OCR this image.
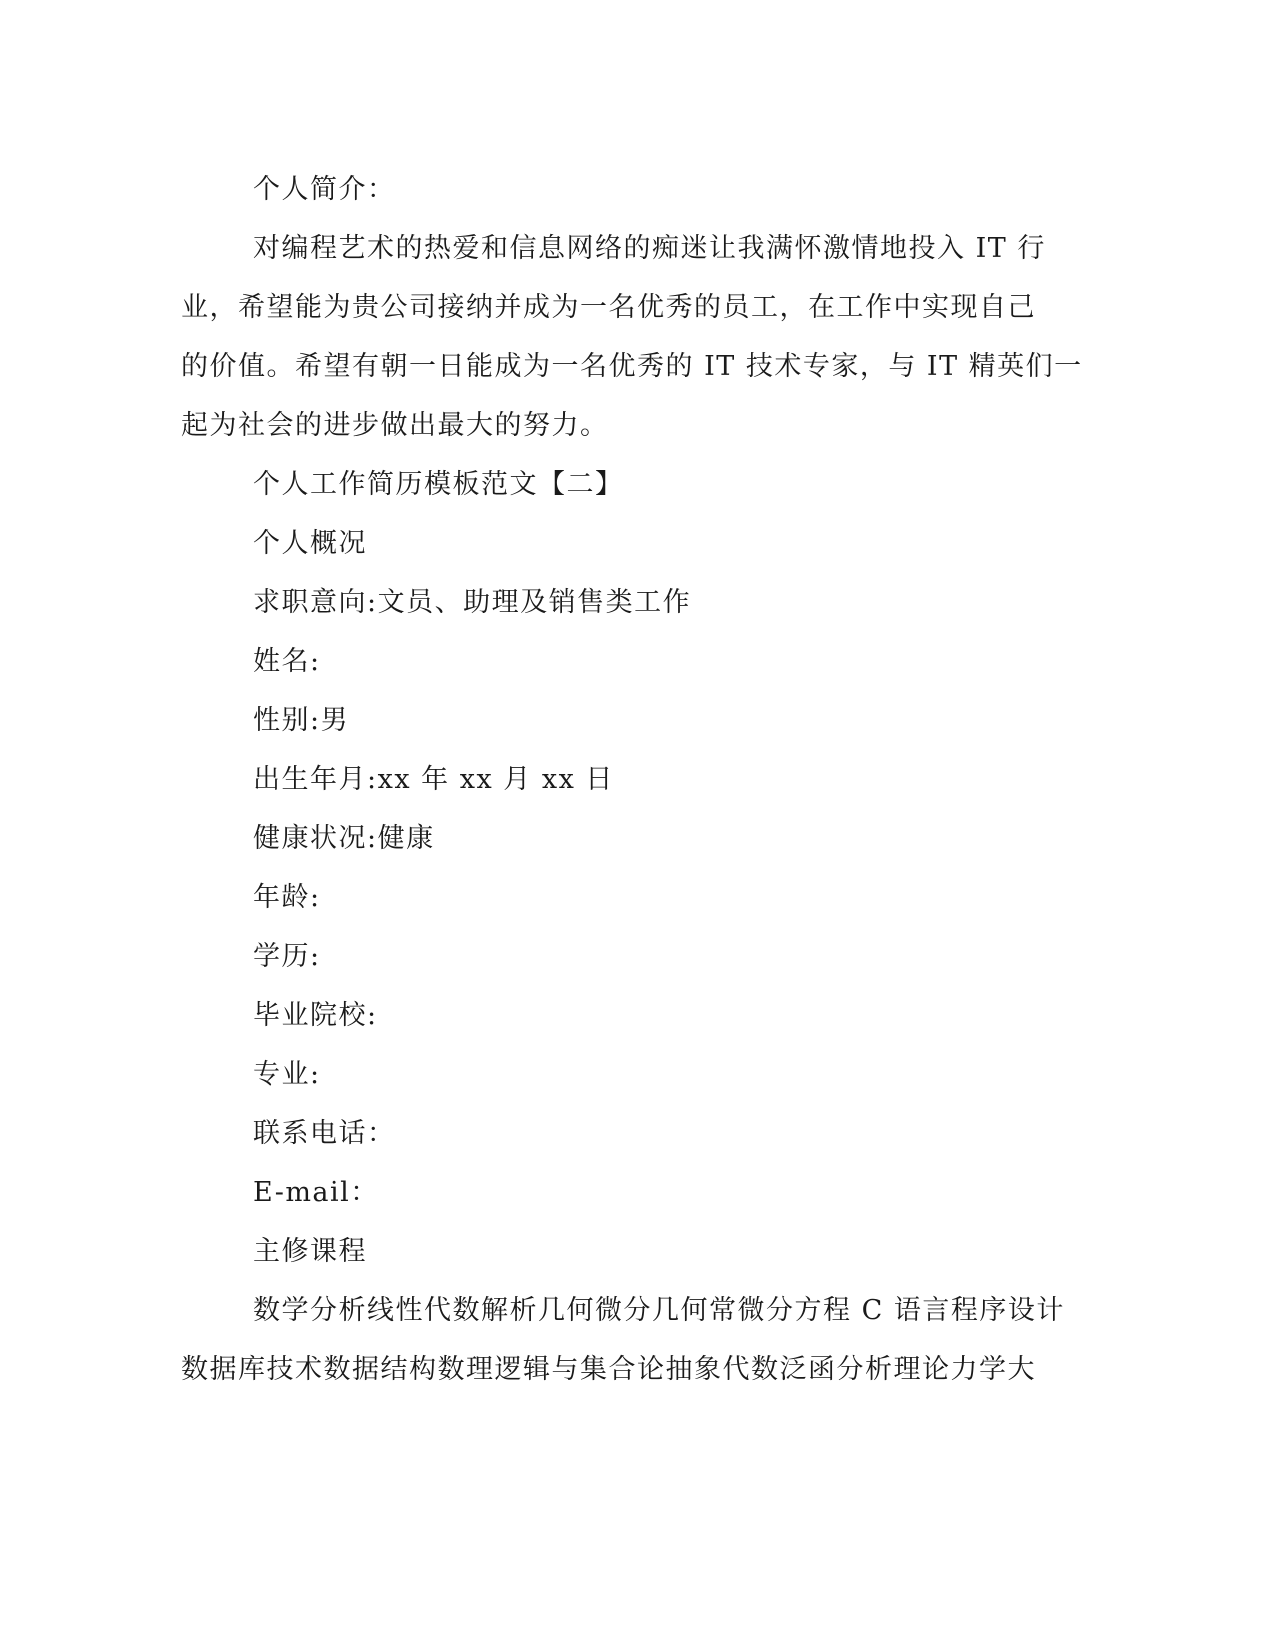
个人简介：
对编程艺术的热爱和信息网络的痴迷让我满怀激情地投入 IT 行
业，希望能为贵公司接纳并成为一名优秀的员工，在工作中实现自己
的价值。希望有朝一日能成为一名优秀的 IT 技术专家，与 IT 精英们一
起为社会的进步做出最大的努力。
个人工作简历模板范文【二】
个人概况
求职意向:文员、助理及销售类工作
姓名:
性别:男
出生年月:xx 年 xx 月 xx 日
健康状况:健康
年龄:
学历:
毕业院校:
专业:
联系电话：
E-mail：
主修课程
数学分析线性代数解析几何微分几何常微分方程 C 语言程序设计
数据库技术数据结构数理逻辑与集合论抽象代数泛函分析理论力学大
